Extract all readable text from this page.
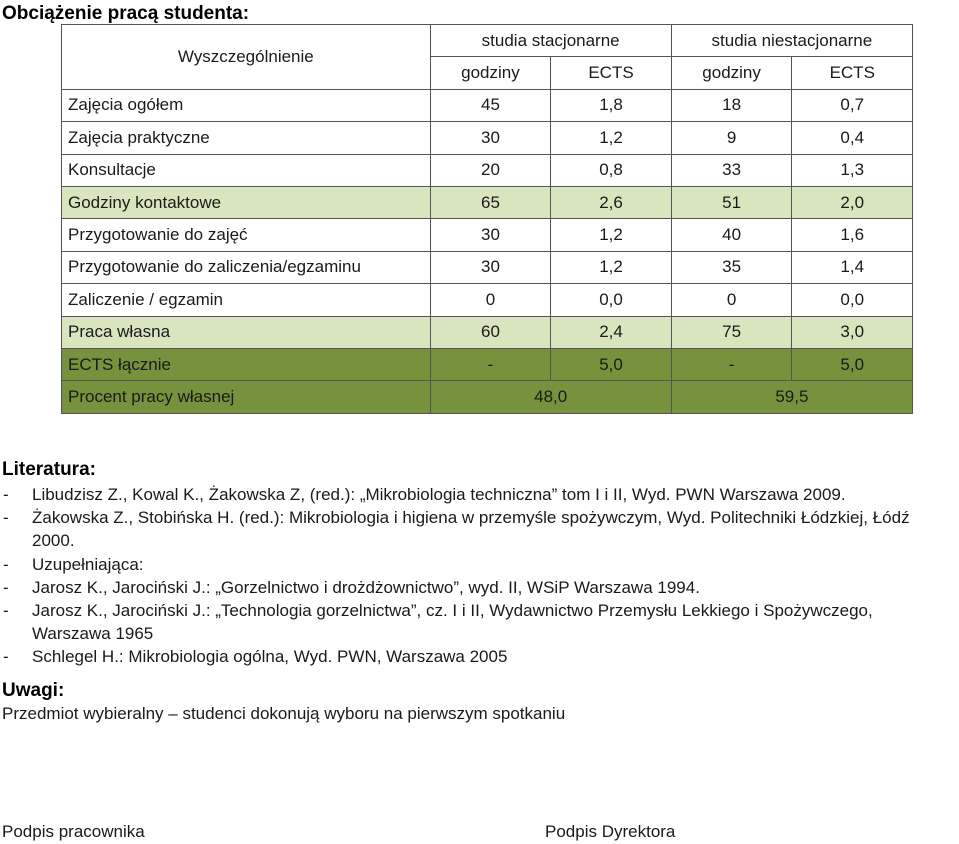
Obciążenie pracą studenta:
Wyszczególnienie	studia stacjonarne		studia niestacjonarne	
	godziny	ECTS	godziny	ECTS
Zajęcia ogółem	45	1,8	18	0,7
Zajęcia praktyczne	30	1,2	9	0,4
Konsultacje	20	0,8	33	1,3
Godziny kontaktowe	65	2,6	51	2,0
Przygotowanie do zajęć	30	1,2	40	1,6
Przygotowanie do zaliczenia/egzaminu	30	1,2	35	1,4
Zaliczenie / egzamin	0	0,0	0	0,0
Praca własna	60	2,4	75	3,0
ECTS łącznie	-	5,0	-	5,0
Procent pracy własnej	48,0		59,5	
Literatura:
- Libudzisz Z., Kowal K., Żakowska Z, (red.): „Mikrobiologia techniczna” tom I i II, Wyd. PWN Warszawa 2009.
- Żakowska Z., Stobińska H. (red.): Mikrobiologia i higiena w przemyśle spożywczym, Wyd. Politechniki Łódzkiej, Łódź 2000.
- Uzupełniająca:
- Jarosz K., Jarociński J.: „Gorzelnictwo i drożdżownictwo”, wyd. II, WSiP Warszawa 1994.
- Jarosz K., Jarociński J.: „Technologia gorzelnictwa”, cz. I i II, Wydawnictwo Przemysłu Lekkiego i Spożywczego, Warszawa 1965
- Schlegel H.: Mikrobiologia ogólna, Wyd. PWN, Warszawa 2005
Uwagi:
Przedmiot wybieralny – studenci dokonują wyboru na pierwszym spotkaniu
Podpis pracownika	Podpis Dyrektora
